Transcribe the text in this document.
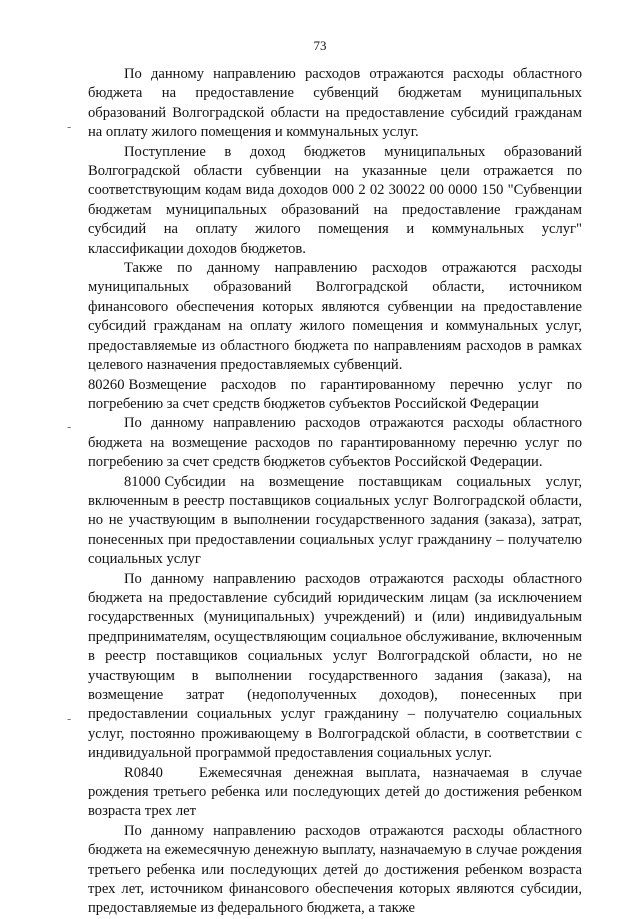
73

По данному направлению расходов отражаются расходы областного бюджета на предоставление субвенций бюджетам муниципальных образований Волгоградской области на предоставление субсидий гражданам на оплату жилого помещения и коммунальных услуг.

Поступление в доход бюджетов муниципальных образований Волгоградской области субвенции на указанные цели отражается по соответствующим кодам вида доходов 000 2 02 30022 00 0000 150 "Субвенции бюджетам муниципальных образований на предоставление гражданам субсидий на оплату жилого помещения и коммунальных услуг" классификации доходов бюджетов.

Также по данному направлению расходов отражаются расходы муниципальных образований Волгоградской области, источником финансового обеспечения которых являются субвенции на предоставление субсидий гражданам на оплату жилого помещения и коммунальных услуг, предоставляемые из областного бюджета по направлениям расходов в рамках целевого назначения предоставляемых субвенций.

80260 Возмещение расходов по гарантированному перечню услуг по погребению за счет средств бюджетов субъектов Российской Федерации

По данному направлению расходов отражаются расходы областного бюджета на возмещение расходов по гарантированному перечню услуг по погребению за счет средств бюджетов субъектов Российской Федерации.

81000 Субсидии на возмещение поставщикам социальных услуг, включенным в реестр поставщиков социальных услуг Волгоградской области, но не участвующим в выполнении государственного задания (заказа), затрат, понесенных при предоставлении социальных услуг гражданину – получателю социальных услуг

По данному направлению расходов отражаются расходы областного бюджета на предоставление субсидий юридическим лицам (за исключением государственных (муниципальных) учреждений) и (или) индивидуальным предпринимателям, осуществляющим социальное обслуживание, включенным в реестр поставщиков социальных услуг Волгоградской области, но не участвующим в выполнении государственного задания (заказа), на возмещение затрат (недополученных доходов), понесенных при предоставлении социальных услуг гражданину – получателю социальных услуг, постоянно проживающему в Волгоградской области, в соответствии с индивидуальной программой предоставления социальных услуг.

R0840 Ежемесячная денежная выплата, назначаемая в случае рождения третьего ребенка или последующих детей до достижения ребенком возраста трех лет

По данному направлению расходов отражаются расходы областного бюджета на ежемесячную денежную выплату, назначаемую в случае рождения третьего ребенка или последующих детей до достижения ребенком возраста трех лет, источником финансового обеспечения которых являются субсидии, предоставляемые из федерального бюджета, а также

-
-
-
